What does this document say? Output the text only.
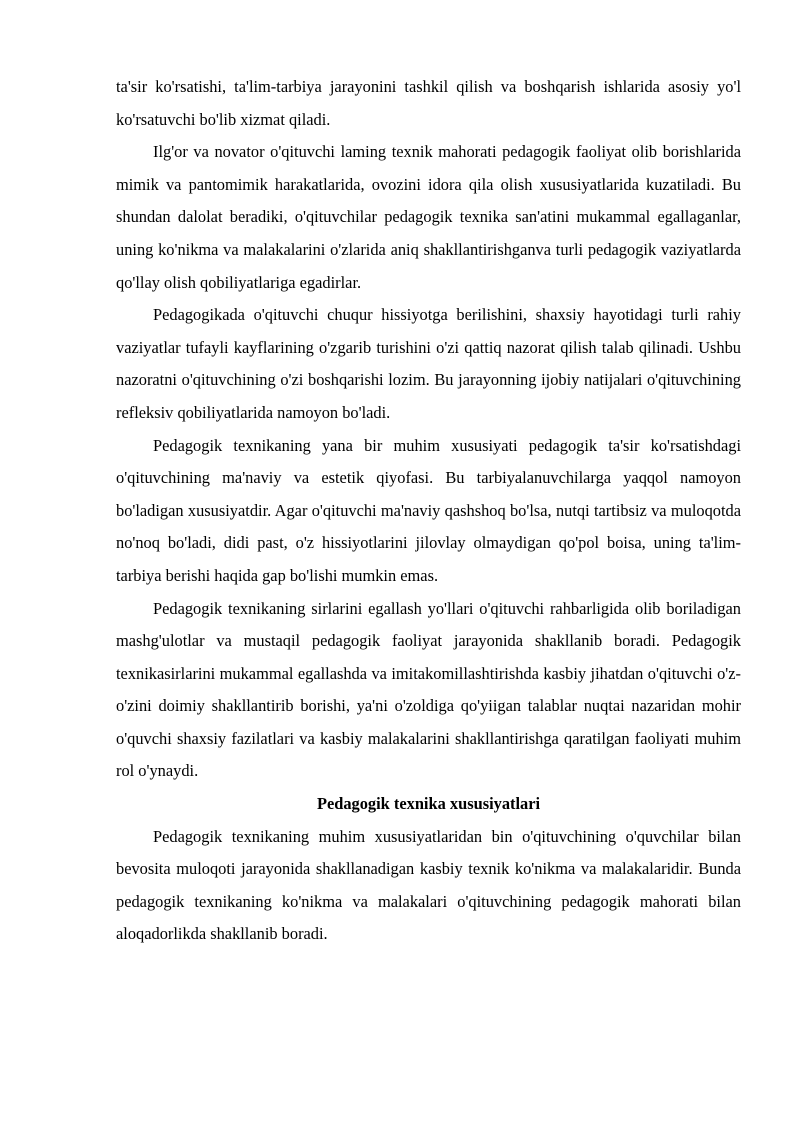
ta'sir ko'rsatishi, ta'lim-tarbiya jarayonini tashkil qilish va boshqarish ishlarida asosiy yo'l ko'rsatuvchi bo'lib xizmat qiladi.

Ilg'or va novator o'qituvchi laming texnik mahorati pedagogik faoliyat olib borishlarida mimik va pantomimik harakatlarida, ovozini idora qila olish xususiyatlarida kuzatiladi. Bu shundan dalolat beradiki, o'qituvchilar pedagogik texnika san'atini mukammal egallaganlar, uning ko'nikma va malakalarini o'zlarida aniq shakllantirishganva turli pedagogik vaziyatlarda qo'llay olish qobiliyatlariga egadirlar.

Pedagogikada o'qituvchi chuqur hissiyotga berilishini, shaxsiy hayotidagi turli rahiy vaziyatlar tufayli kayflarining o'zgarib turishini o'zi qattiq nazorat qilish talab qilinadi. Ushbu nazoratni o'qituvchining o'zi boshqarishi lozim. Bu jarayonning ijobiy natijalari o'qituvchining refleksiv qobiliyatlarida namoyon bo'ladi.

Pedagogik texnikaning yana bir muhim xususiyati pedagogik ta'sir ko'rsatishdagi o'qituvchining ma'naviy va estetik qiyofasi. Bu tarbiyalanuvchilarga yaqqol namoyon bo'ladigan xususiyatdir. Agar o'qituvchi ma'naviy qashshoq bo'lsa, nutqi tartibsiz va muloqotda no'noq bo'ladi, didi past, o'z hissiyotlarini jilovlay olmaydigan qo'pol boisa, uning ta'lim-tarbiya berishi haqida gap bo'lishi mumkin emas.

Pedagogik texnikaning sirlarini egallash yo'llari o'qituvchi rahbarligida olib boriladigan mashg'ulotlar va mustaqil pedagogik faoliyat jarayonida shakllanib boradi. Pedagogik texnikasirlarini mukammal egallashda va imitakomillashtirishda kasbiy jihatdan o'qituvchi o'z-o'zini doimiy shakllantirib borishi, ya'ni o'zoldiga qo'yiigan talablar nuqtai nazaridan mohir o'quvchi shaxsiy fazilatlari va kasbiy malakalarini shakllantirishga qaratilgan faoliyati muhim rol o'ynaydi.

Pedagogik texnika xususiyatlari

Pedagogik texnikaning muhim xususiyatlaridan bin o'qituvchining o'quvchilar bilan bevosita muloqoti jarayonida shakllanadigan kasbiy texnik ko'nikma va malakalaridir. Bunda pedagogik texnikaning ko'nikma va malakalari o'qituvchining pedagogik mahorati bilan aloqadorlikda shakllanib boradi.
